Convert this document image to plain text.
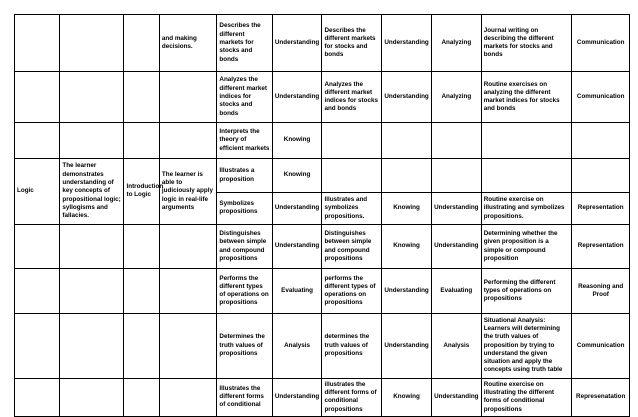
			and making decisions.	Describes the different markets for stocks and bonds	Understanding	Describes the different markets for stocks and bonds	Understanding	Analyzing	Journal writing on describing the different markets for stocks and bonds	Communication
				Analyzes the different market indices for stocks and bonds	Understanding	Analyzes the different market indices for stocks and bonds	Understanding	Analyzing	Routine exercises on analyzing the different market indices for stocks and bonds	Communication
				Interprets the theory of efficient markets	Knowing					
Logic	The learner demonstrates understanding of key concepts of propositional logic; syllogisms and fallacies.	Introduction to Logic	The learner is able to judiciously apply logic in real-life arguments	Illustrates a proposition	Knowing					
				Symbolizes propositions	Understanding	Illustrates and symbolizes propositions.	Knowing	Understanding	Routine exercise on illustrating and symbolizes propositions.	Representation
				Distinguishes between simple and compound propositions	Understanding	Distinguishes between simple and compound propositions	Knowing	Understanding	Determining whether the given proposition is a simple or compound proposition	Representation
				Performs the different types of operations on propositions	Evaluating	performs the different types of operations on propositions	Understanding	Evaluating	Performing the different types of operations on propositions	Reasoning and Proof
				Determines the truth values of propositions	Analysis	determines the truth values of propositions	Understanding	Analysis	Situational Analysis: Learners will determining the truth values of proposition by trying to understand the given situation and apply the concepts using truth table	Communication
				Illustrates the different forms of conditional	Understanding	illustrates the different forms of conditional propositions	Knowing	Understanding	Routine exercise on illustrating the different forms of conditional propositions	Represenatation
